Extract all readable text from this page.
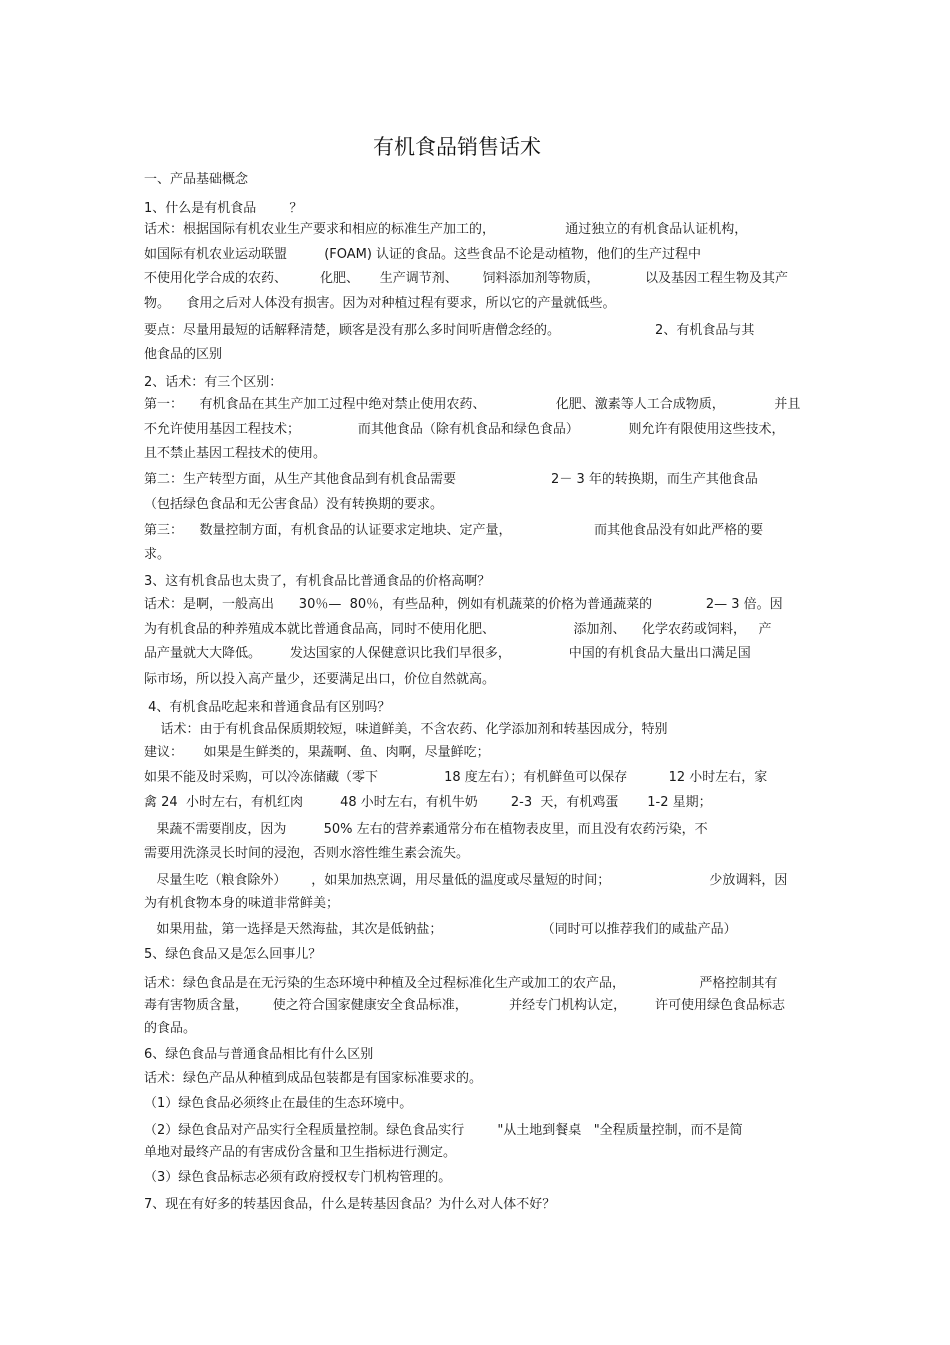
有机食品销售话术
一、产品基础概念
1、什么是有机食品        ？
话术：根据国际有机农业生产要求和相应的标准生产加工的，                 通过独立的有机食品认证机构，
如国际有机农业运动联盟         (FOAM) 认证的食品。这些食品不论是动植物，他们的生产过程中
不使用化学合成的农药、        化肥、     生产调节剂、      饲料添加剂等物质，           以及基因工程生物及其产
物。    食用之后对人体没有损害。因为对种植过程有要求，所以它的产量就低些。
要点：尽量用最短的话解释清楚，顾客是没有那么多时间听唐僧念经的。                       2、有机食品与其
他食品的区别
2、话术：有三个区别：
第一：    有机食品在其生产加工过程中绝对禁止使用农药、                 化肥、激素等人工合成物质，            并且
不允许使用基因工程技术；              而其他食品（除有机食品和绿色食品）            则允许有限使用这些技术，
且不禁止基因工程技术的使用。
第二：生产转型方面，从生产其他食品到有机食品需要                       2－ 3 年的转换期，而生产其他食品
（包括绿色食品和无公害食品）没有转换期的要求。
第三：    数量控制方面，有机食品的认证要求定地块、定产量，                    而其他食品没有如此严格的要
求。
3、这有机食品也太贵了，有机食品比普通食品的价格高啊？
话术：是啊，一般高出      30％—  80％，有些品种，例如有机蔬菜的价格为普通蔬菜的             2— 3 倍。因
为有机食品的种养殖成本就比普通食品高，同时不使用化肥、                   添加剂、    化学农药或饲料，   产
品产量就大大降低。       发达国家的人保健意识比我们早很多，              中国的有机食品大量出口满足国
际市场，所以投入高产量少，还要满足出口，价位自然就高。
4、有机食品吃起来和普通食品有区别吗？
话术：由于有机食品保质期较短，味道鲜美，不含农药、化学添加剂和转基因成分，特别
建议：     如果是生鲜类的，果蔬啊、鱼、肉啊，尽量鲜吃；
如果不能及时采购，可以冷冻储藏（零下                18 度左右）；有机鲜鱼可以保存          12 小时左右，家
禽 24  小时左右，有机红肉         48 小时左右，有机牛奶        2-3  天，有机鸡蛋       1-2 星期；
果蔬不需要削皮，因为         50% 左右的营养素通常分布在植物表皮里，而且没有农药污染，不
需要用洗涤灵长时间的浸泡，否则水溶性维生素会流失。
尽量生吃（粮食除外）      ，如果加热烹调，用尽量低的温度或尽量短的时间；                        少放调料，因
为有机食物本身的味道非常鲜美；
如果用盐，第一选择是天然海盐，其次是低钠盐；                        （同时可以推荐我们的咸盐产品）
5、绿色食品又是怎么回事儿？
话术：绿色食品是在无污染的生态环境中种植及全过程标准化生产或加工的农产品，                  严格控制其有
毒有害物质含量，      使之符合国家健康安全食品标准，          并经专门机构认定，       许可使用绿色食品标志
的食品。
6、绿色食品与普通食品相比有什么区别
话术：绿色产品从种植到成品包装都是有国家标准要求的。
（1）绿色食品必须终止在最佳的生态环境中。
（2）绿色食品对产品实行全程质量控制。绿色食品实行        "从土地到餐桌   "全程质量控制，而不是简
单地对最终产品的有害成份含量和卫生指标进行测定。
（3）绿色食品标志必须有政府授权专门机构管理的。
7、现在有好多的转基因食品，什么是转基因食品？为什么对人体不好？
